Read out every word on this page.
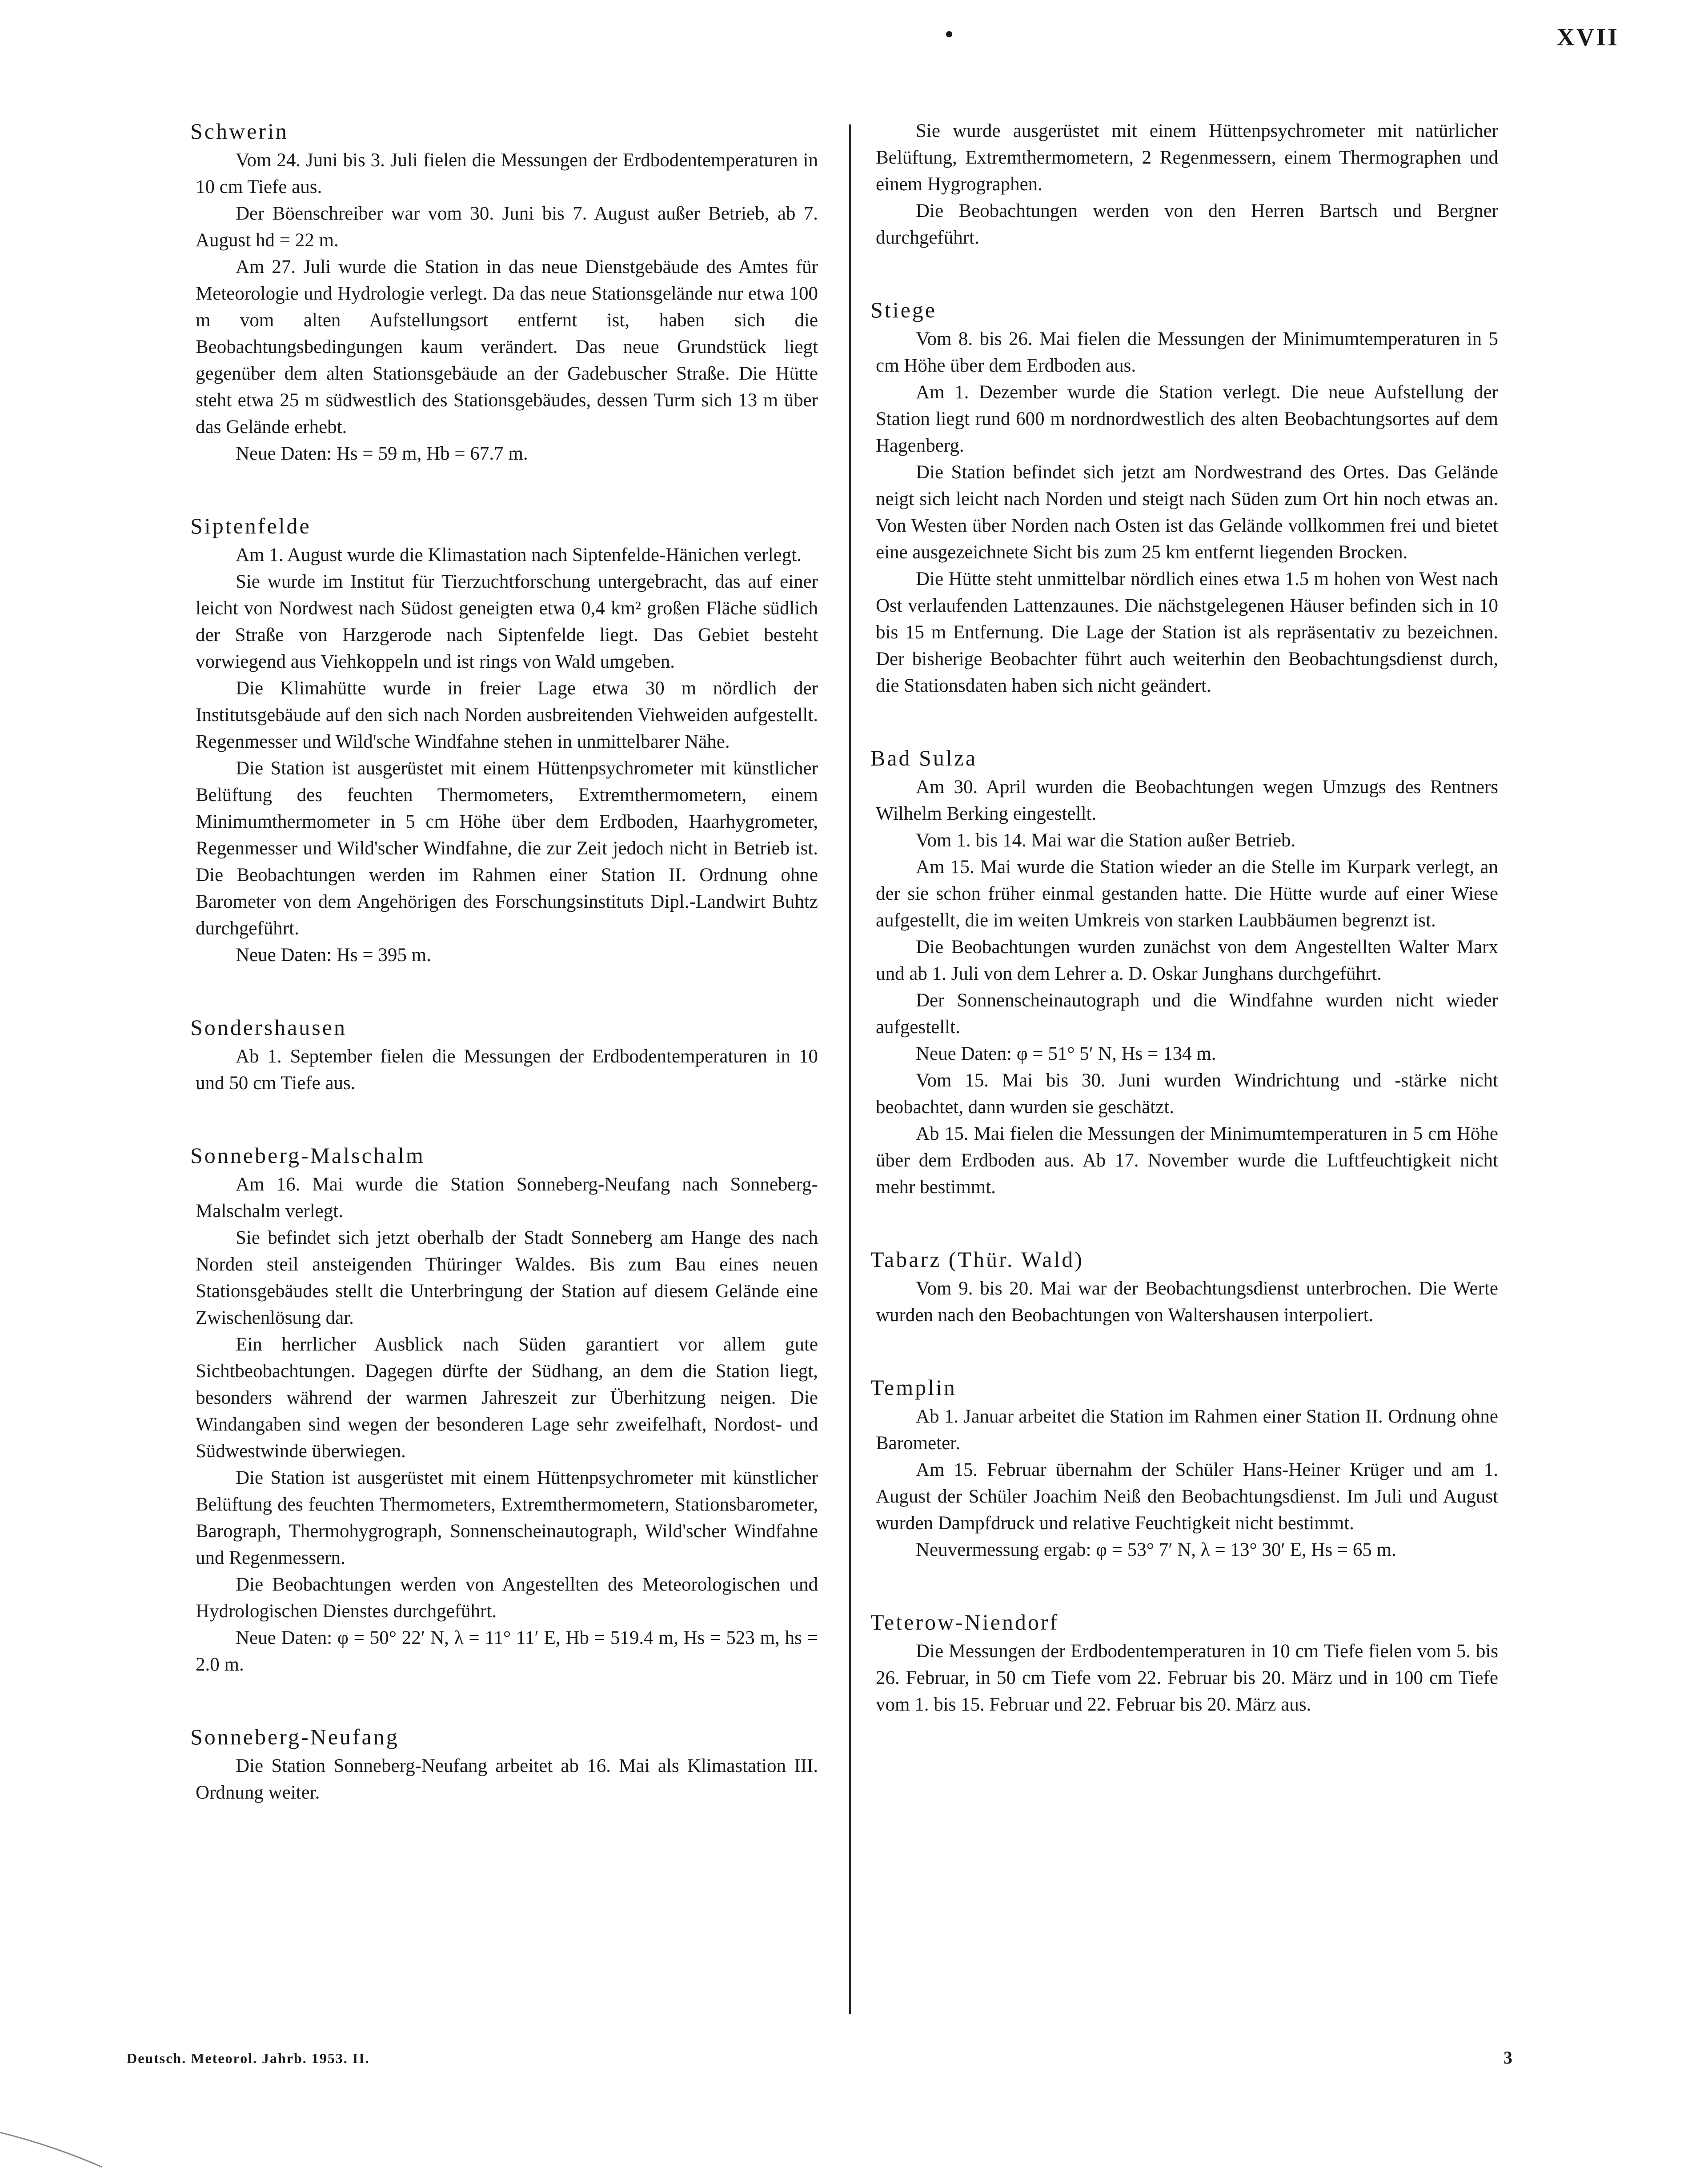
XVII
Schwerin

Vom 24. Juni bis 3. Juli fielen die Messungen der Erdbodentemperaturen in 10 cm Tiefe aus.

Der Böenschreiber war vom 30. Juni bis 7. August außer Betrieb, ab 7. August hd = 22 m.

Am 27. Juli wurde die Station in das neue Dienstgebäude des Amtes für Meteorologie und Hydrologie verlegt. Da das neue Stationsgelände nur etwa 100 m vom alten Aufstellungsort entfernt ist, haben sich die Beobachtungsbedingungen kaum verändert. Das neue Grundstück liegt gegenüber dem alten Stationsgebäude an der Gadebuscher Straße. Die Hütte steht etwa 25 m südwestlich des Stationsgebäudes, dessen Turm sich 13 m über das Gelände erhebt.

Neue Daten: Hs = 59 m, Hb = 67.7 m.

Siptenfelde

Am 1. August wurde die Klimastation nach Siptenfelde-Hänichen verlegt.

Sie wurde im Institut für Tierzuchtforschung untergebracht, das auf einer leicht von Nordwest nach Südost geneigten etwa 0,4 km² großen Fläche südlich der Straße von Harzgerode nach Siptenfelde liegt. Das Gebiet besteht vorwiegend aus Viehkoppeln und ist rings von Wald umgeben.

Die Klimahütte wurde in freier Lage etwa 30 m nördlich der Institutsgebäude auf den sich nach Norden ausbreitenden Viehweiden aufgestellt. Regenmesser und Wild'sche Windfahne stehen in unmittelbarer Nähe.

Die Station ist ausgerüstet mit einem Hüttenpsychrometer mit künstlicher Belüftung des feuchten Thermometers, Extremthermometern, einem Minimumthermometer in 5 cm Höhe über dem Erdboden, Haarhygrometer, Regenmesser und Wild'scher Windfahne, die zur Zeit jedoch nicht in Betrieb ist. Die Beobachtungen werden im Rahmen einer Station II. Ordnung ohne Barometer von dem Angehörigen des Forschungsinstituts Dipl.-Landwirt Buhtz durchgeführt.

Neue Daten: Hs = 395 m.

Sondershausen

Ab 1. September fielen die Messungen der Erdbodentemperaturen in 10 und 50 cm Tiefe aus.

Sonneberg-Malschalm

Am 16. Mai wurde die Station Sonneberg-Neufang nach Sonneberg-Malschalm verlegt.

Sie befindet sich jetzt oberhalb der Stadt Sonneberg am Hange des nach Norden steil ansteigenden Thüringer Waldes. Bis zum Bau eines neuen Stationsgebäudes stellt die Unterbringung der Station auf diesem Gelände eine Zwischenlösung dar.

Ein herrlicher Ausblick nach Süden garantiert vor allem gute Sichtbeobachtungen. Dagegen dürfte der Südhang, an dem die Station liegt, besonders während der warmen Jahreszeit zur Überhitzung neigen. Die Windangaben sind wegen der besonderen Lage sehr zweifelhaft, Nordost- und Südwestwinde überwiegen.

Die Station ist ausgerüstet mit einem Hüttenpsychrometer mit künstlicher Belüftung des feuchten Thermometers, Extremthermometern, Stationsbarometer, Barograph, Thermohygrograph, Sonnenscheinautograph, Wild'scher Windfahne und Regenmessern.

Die Beobachtungen werden von Angestellten des Meteorologischen und Hydrologischen Dienstes durchgeführt.

Neue Daten: φ = 50° 22′ N, λ = 11° 11′ E, Hb = 519.4 m, Hs = 523 m, hs = 2.0 m.

Sonneberg-Neufang

Die Station Sonneberg-Neufang arbeitet ab 16. Mai als Klimastation III. Ordnung weiter.

Sie wurde ausgerüstet mit einem Hüttenpsychrometer mit natürlicher Belüftung, Extremthermometern, 2 Regenmessern, einem Thermographen und einem Hygrographen.

Die Beobachtungen werden von den Herren Bartsch und Bergner durchgeführt.

Stiege

Vom 8. bis 26. Mai fielen die Messungen der Minimumtemperaturen in 5 cm Höhe über dem Erdboden aus.

Am 1. Dezember wurde die Station verlegt. Die neue Aufstellung der Station liegt rund 600 m nordnordwestlich des alten Beobachtungsortes auf dem Hagenberg.

Die Station befindet sich jetzt am Nordwestrand des Ortes. Das Gelände neigt sich leicht nach Norden und steigt nach Süden zum Ort hin noch etwas an. Von Westen über Norden nach Osten ist das Gelände vollkommen frei und bietet eine ausgezeichnete Sicht bis zum 25 km entfernt liegenden Brocken.

Die Hütte steht unmittelbar nördlich eines etwa 1.5 m hohen von West nach Ost verlaufenden Lattenzaunes. Die nächstgelegenen Häuser befinden sich in 10 bis 15 m Entfernung. Die Lage der Station ist als repräsentativ zu bezeichnen. Der bisherige Beobachter führt auch weiterhin den Beobachtungsdienst durch, die Stationsdaten haben sich nicht geändert.

Bad Sulza

Am 30. April wurden die Beobachtungen wegen Umzugs des Rentners Wilhelm Berking eingestellt.

Vom 1. bis 14. Mai war die Station außer Betrieb.

Am 15. Mai wurde die Station wieder an die Stelle im Kurpark verlegt, an der sie schon früher einmal gestanden hatte. Die Hütte wurde auf einer Wiese aufgestellt, die im weiten Umkreis von starken Laubbäumen begrenzt ist.

Die Beobachtungen wurden zunächst von dem Angestellten Walter Marx und ab 1. Juli von dem Lehrer a. D. Oskar Junghans durchgeführt.

Der Sonnenscheinautograph und die Windfahne wurden nicht wieder aufgestellt.

Neue Daten: φ = 51° 5′ N, Hs = 134 m.

Vom 15. Mai bis 30. Juni wurden Windrichtung und -stärke nicht beobachtet, dann wurden sie geschätzt.

Ab 15. Mai fielen die Messungen der Minimumtemperaturen in 5 cm Höhe über dem Erdboden aus. Ab 17. November wurde die Luftfeuchtigkeit nicht mehr bestimmt.

Tabarz (Thür. Wald)

Vom 9. bis 20. Mai war der Beobachtungsdienst unterbrochen. Die Werte wurden nach den Beobachtungen von Waltershausen interpoliert.

Templin

Ab 1. Januar arbeitet die Station im Rahmen einer Station II. Ordnung ohne Barometer.

Am 15. Februar übernahm der Schüler Hans-Heiner Krüger und am 1. August der Schüler Joachim Neiß den Beobachtungsdienst. Im Juli und August wurden Dampfdruck und relative Feuchtigkeit nicht bestimmt.

Neuvermessung ergab: φ = 53° 7′ N, λ = 13° 30′ E, Hs = 65 m.

Teterow-Niendorf

Die Messungen der Erdbodentemperaturen in 10 cm Tiefe fielen vom 5. bis 26. Februar, in 50 cm Tiefe vom 22. Februar bis 20. März und in 100 cm Tiefe vom 1. bis 15. Februar und 22. Februar bis 20. März aus.

Deutsch. Meteorol. Jahrb. 1953. II.	3
